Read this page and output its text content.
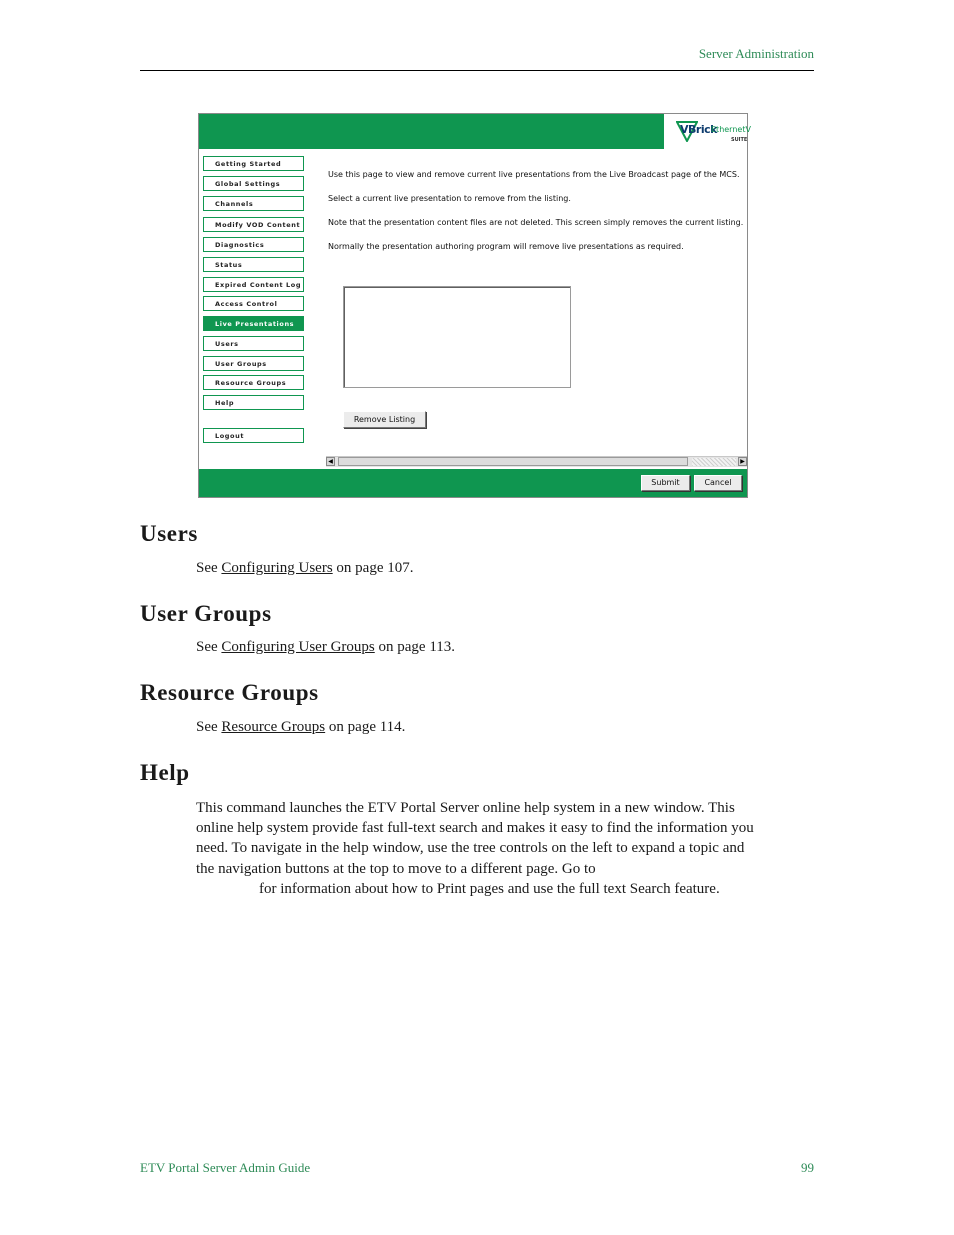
Server Administration
VBrick
EthernetV
SUITE
Getting Started
Global Settings
Channels
Modify VOD Content
Diagnostics
Status
Expired Content Log
Access Control
Live Presentations
Users
User Groups
Resource Groups
Help
Logout

Use this page to view and remove current live presentations from the Live Broadcast page of the MCS.

Select a current live presentation to remove from the listing.

Note that the presentation content files are not deleted. This screen simply removes the current listing.

Normally the presentation authoring program will remove live presentations as required.

Remove Listing
◀	▶
Submit	Cancel
Users

See Configuring Users on page 107.

User Groups

See Configuring User Groups on page 113.

Resource Groups

See Resource Groups on page 114.

Help
This command launches the ETV Portal Server online help system in a new window. This
online help system provide fast full-text search and makes it easy to find the information you
need. To navigate in the help window, use the tree controls on the left to expand a topic and
the navigation buttons at the top to move to a different page. Go to
for information about how to Print pages and use the full text Search feature.
ETV Portal Server Admin Guide	99
